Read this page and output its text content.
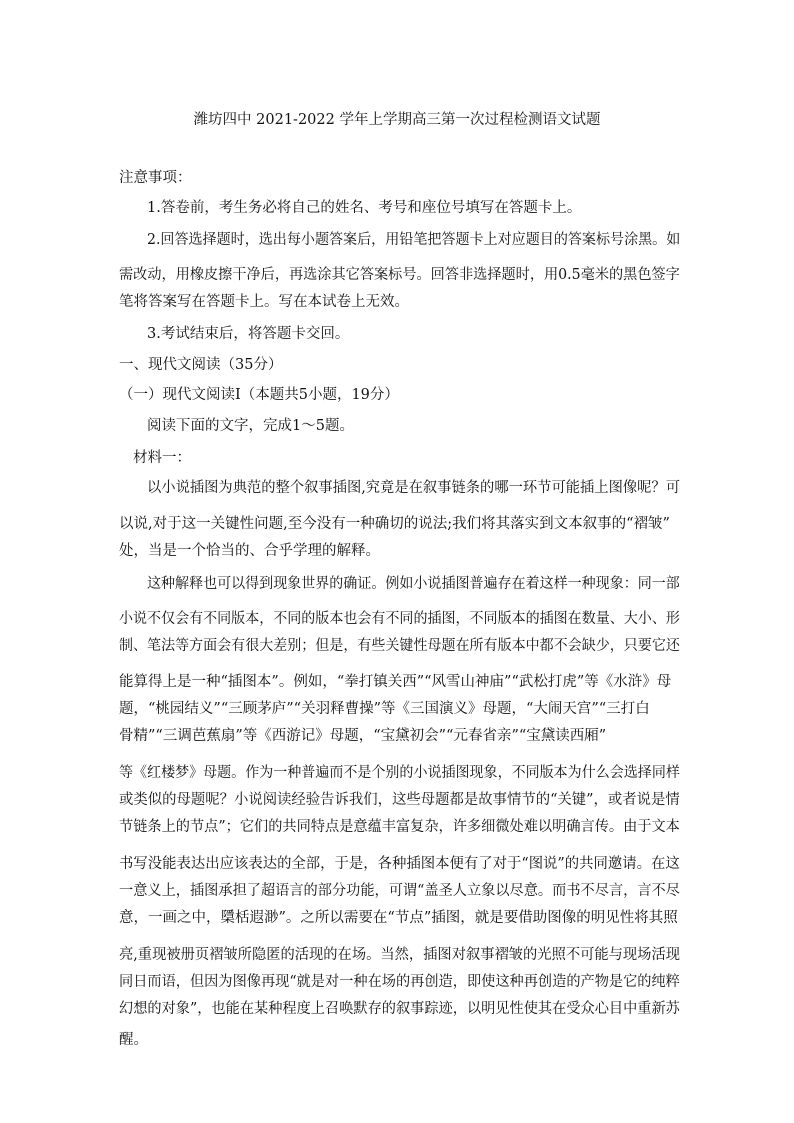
潍坊四中 2021-2022 学年上学期高三第一次过程检测语文试题
注意事项：
1.答卷前，考生务必将自己的姓名、考号和座位号填写在答题卡上。
2.回答选择题时，选出每小题答案后，用铅笔把答题卡上对应题目的答案标号涂黑。如
需改动，用橡皮擦干净后，再选涂其它答案标号。回答非选择题时，用0.5毫米的黑色签字
笔将答案写在答题卡上。写在本试卷上无效。
3.考试结束后，将答题卡交回。
一、现代文阅读（35分）
（一）现代文阅读Ⅰ（本题共5小题，19分）
阅读下面的文字，完成1～5题。
材料一：
以小说插图为典范的整个叙事插图,究竟是在叙事链条的哪一环节可能插上图像呢？可
以说,对于这一关键性问题,至今没有一种确切的说法;我们将其落实到文本叙事的“褶皱”
处，当是一个恰当的、合乎学理的解释。
这种解释也可以得到现象世界的确证。例如小说插图普遍存在着这样一种现象：同一部
小说不仅会有不同版本，不同的版本也会有不同的插图，不同版本的插图在数量、大小、形
制、笔法等方面会有很大差别；但是，有些关键性母题在所有版本中都不会缺少，只要它还
能算得上是一种“插图本”。例如，“拳打镇关西”“风雪山神庙”“武松打虎”等《水浒》母
题，“桃园结义”“三顾茅庐”“关羽释曹操”等《三国演义》母题，“大闹天宫”“三打白
骨精”“三调芭蕉扇”等《西游记》母题，“宝黛初会”“元春省亲”“宝黛读西厢”
等《红楼梦》母题。作为一种普遍而不是个别的小说插图现象，不同版本为什么会选择同样
或类似的母题呢？小说阅读经验告诉我们，这些母题都是故事情节的“关键”，或者说是情
节链条上的节点”；它们的共同特点是意蕴丰富复杂，许多细微处难以明确言传。由于文本
书写没能表达出应该表达的全部，于是，各种插图本便有了对于“图说”的共同邀请。在这
一意义上，插图承担了超语言的部分功能，可谓“盖圣人立象以尽意。而书不尽言，言不尽
意，一画之中，檃栝遐渺”。之所以需要在“节点”插图，就是要借助图像的明见性将其照
亮,重现被册页褶皱所隐匿的活现的在场。当然，插图对叙事褶皱的光照不可能与现场活现
同日而语，但因为图像再现“就是对一种在场的再创造，即使这种再创造的产物是它的纯粹
幻想的对象”，也能在某种程度上召唤默存的叙事踪迹，以明见性使其在受众心目中重新苏
醒。
